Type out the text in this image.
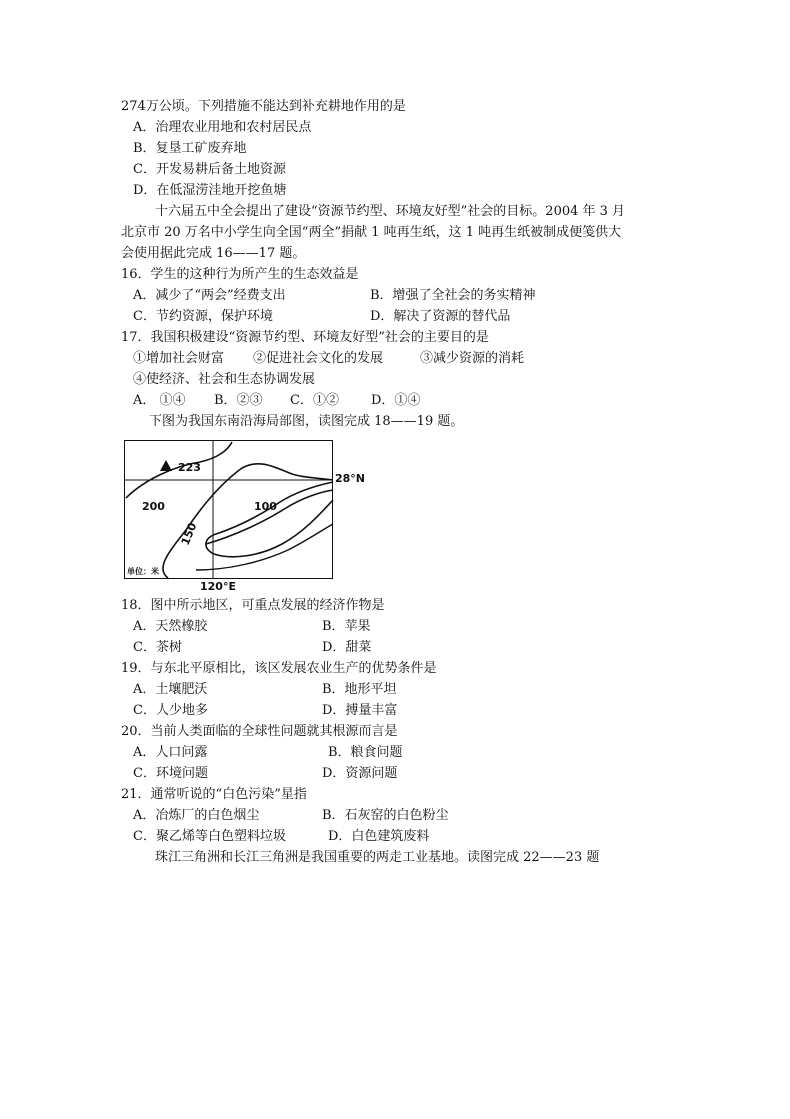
274万公顷。下列措施不能达到补充耕地作用的是
A．治理农业用地和农村居民点
B．复垦工矿废弃地
C．开发易耕后备土地资源
D．在低湿涝洼地开挖鱼塘
十六届五中全会提出了建设“资源节约型、环境友好型”社会的目标。2004 年 3 月
北京市 20 万名中小学生向全国“两全”捐献 1 吨再生纸，这 1 吨再生纸被制成便笺供大
会使用据此完成 16——17 题。
16．学生的这种行为所产生的生态效益是
A．减少了“两会”经费支出	B．增强了全社会的务实精神
C．节约资源，保护环境	D．解决了资源的替代品
17．我国积极建设“资源节约型、环境友好型”社会的主要目的是
①增加社会财富 ②促进社会文化的发展	③减少资源的消耗
④使经济、社会和生态协调发展
A． ①④ B．②③ C．①② D．①④
下图为我国东南沿海局部图，读图完成 18——19 题。
223
200
150
100
28°N
120°E
单位：米
18．图中所示地区，可重点发展的经济作物是
A．天然橡胶	B．苹果
C．茶树	D．甜菜
19．与东北平原相比，该区发展农业生产的优势条件是
A．土壤肥沃	B．地形平坦
C．人少地多	D．搏量丰富
20．当前人类面临的全球性问题就其根源而言是
A．人口问露	B．粮食问题
C．环境问题	D．资源问题
21．通常听说的“白色污染”星指
A．冶炼厂的白色烟尘	B．石灰窑的白色粉尘
C．聚乙烯等白色塑料垃圾	D．白色建筑废料
珠江三角洲和长江三角洲是我国重要的两走工业基地。读图完成 22——23 题
